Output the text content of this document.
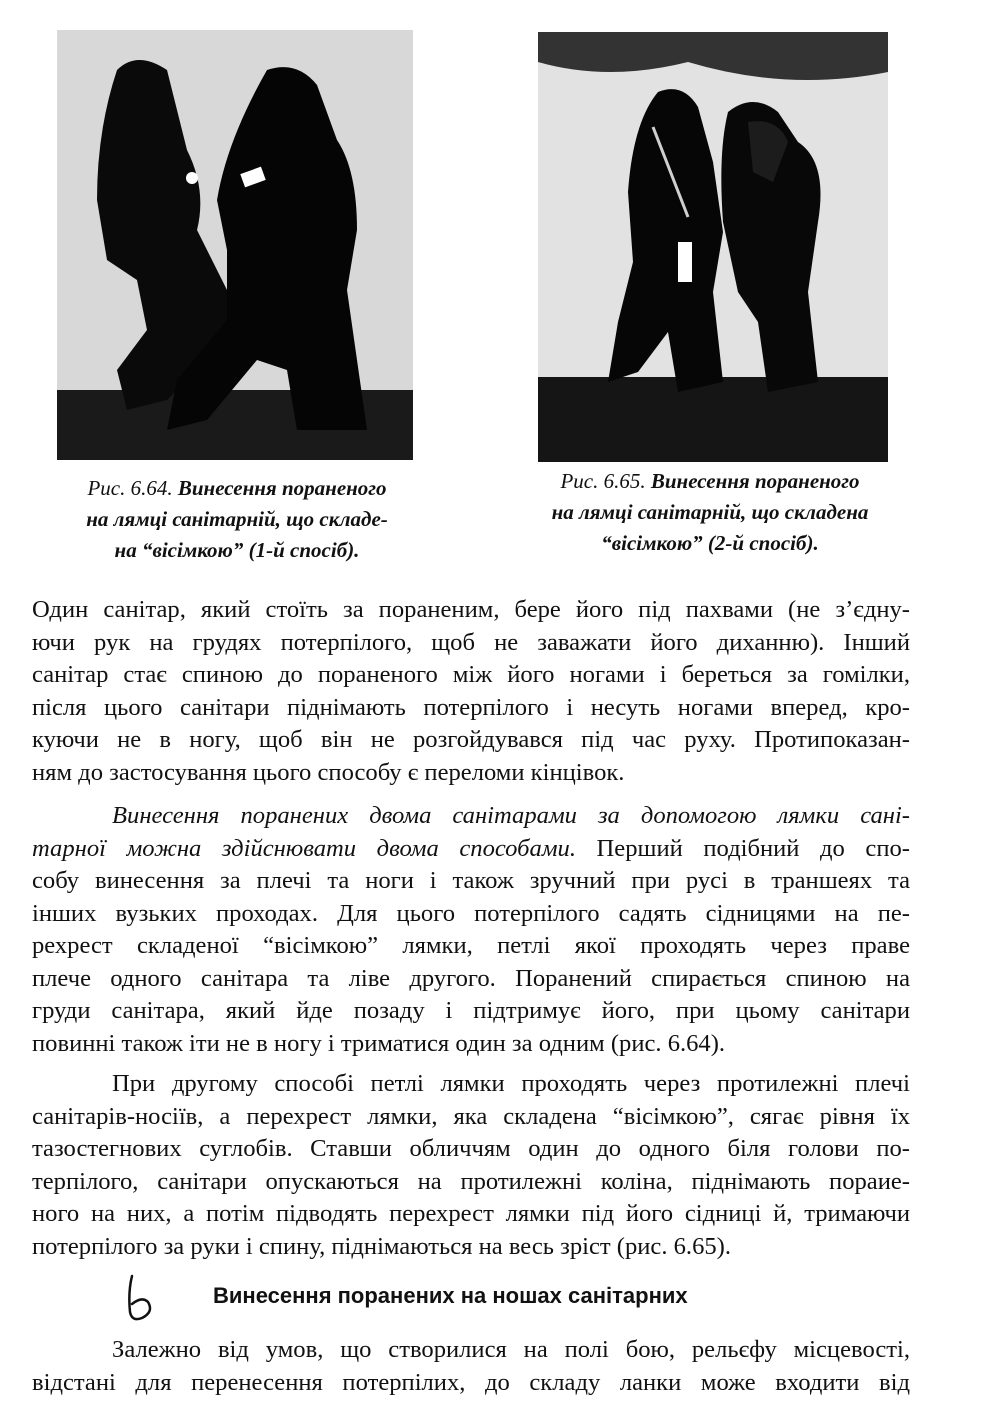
Рис. 6.64. Винесення пораненого
на лямці санітарній, що складе-
на “вісімкою” (1-й спосіб).
Рис. 6.65. Винесення пораненого
на лямці санітарній, що складена
“вісімкою” (2-й спосіб).
Один санітар, який стоїть за пораненим, бере його під пахвами (не з’єдну-
ючи рук на грудях потерпілого, щоб не заважати його диханню). Інший
санітар стає спиною до пораненого між його ногами і береться за гомілки,
після цього санітари піднімають потерпілого і несуть ногами вперед, кро-
куючи не в ногу, щоб він не розгойдувався під час руху. Протипоказан-
ням до застосування цього способу є переломи кінцівок.
Винесення поранених двома санітарами за допомогою лямки сані-
тарної можна здійснювати двома способами. Перший подібний до спо-
собу винесення за плечі та ноги і також зручний при русі в траншеях та
інших вузьких проходах. Для цього потерпілого садять сідницями на пе-
рехрест складеної “вісімкою” лямки, петлі якої проходять через праве
плече одного санітара та ліве другого. Поранений спирається спиною на
груди санітара, який йде позаду і підтримує його, при цьому санітари
повинні також іти не в ногу і триматися один за одним (рис. 6.64).
При другому способі петлі лямки проходять через протилежні плечі
санітарів-носіїв, а перехрест лямки, яка складена “вісімкою”, сягає рівня їх
тазостегнових суглобів. Ставши обличчям один до одного біля голови по-
терпілого, санітари опускаються на протилежні коліна, піднімають пораие-
ного на них, а потім підводять перехрест лямки під його сідниці й, тримаючи
потерпілого за руки і спину, піднімаються на весь зріст (рис. 6.65).
Винесення поранених на ношах санітарних
Залежно від умов, що створилися на полі бою, рельєфу місцевості,
відстані для перенесення потерпілих, до складу ланки може входити від
